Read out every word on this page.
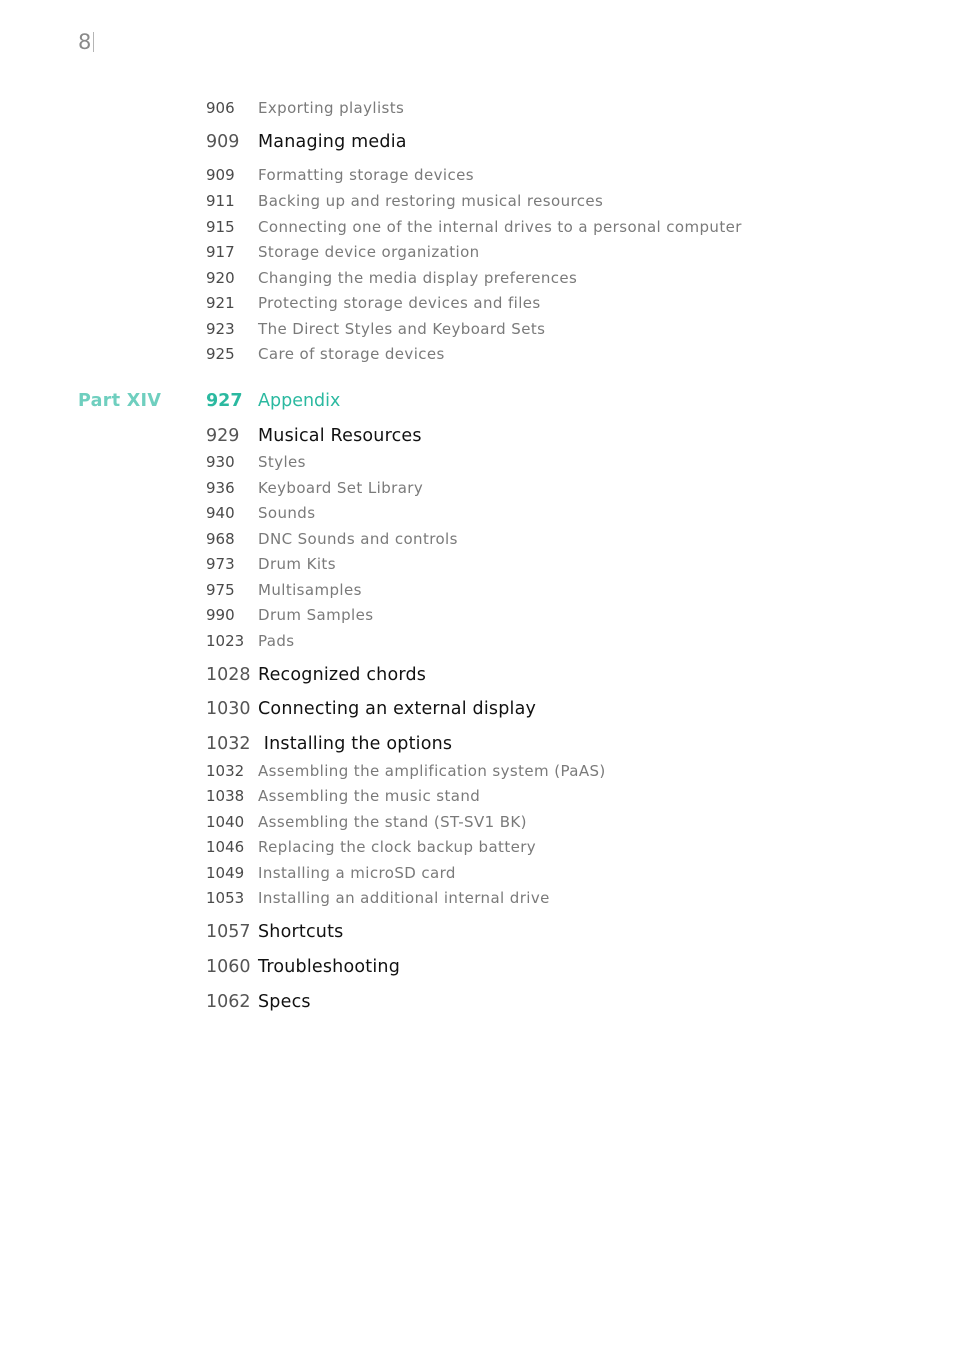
8
906 Exporting playlists
909 Managing media
909 Formatting storage devices
911 Backing up and restoring musical resources
915 Connecting one of the internal drives to a personal computer
917 Storage device organization
920 Changing the media display preferences
921 Protecting storage devices and files
923 The Direct Styles and Keyboard Sets
925 Care of storage devices
Part XIV	927 Appendix
929 Musical Resources
930 Styles
936 Keyboard Set Library
940 Sounds
968 DNC Sounds and controls
973 Drum Kits
975 Multisamples
990 Drum Samples
1023 Pads
1028 Recognized chords
1030 Connecting an external display
1032 Installing the options
1032 Assembling the amplification system (PaAS)
1038 Assembling the music stand
1040 Assembling the stand (ST-SV1 BK)
1046 Replacing the clock backup battery
1049 Installing a microSD card
1053 Installing an additional internal drive
1057 Shortcuts
1060 Troubleshooting
1062 Specs
